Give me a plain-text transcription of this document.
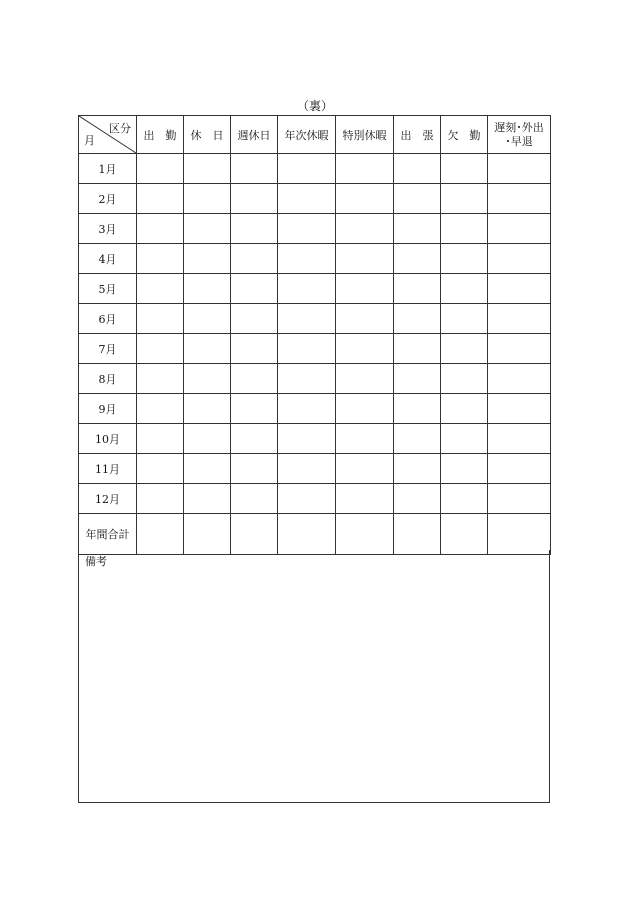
（裏）
区分
月	出　勤	休　日	週休日	年次休暇	特別休暇	出　張	欠　勤	遅刻･外出
･早退
1月								
2月								
3月								
4月								
5月								
6月								
7月								
8月								
9月								
10月								
11月								
12月								
年間合計								
備考
